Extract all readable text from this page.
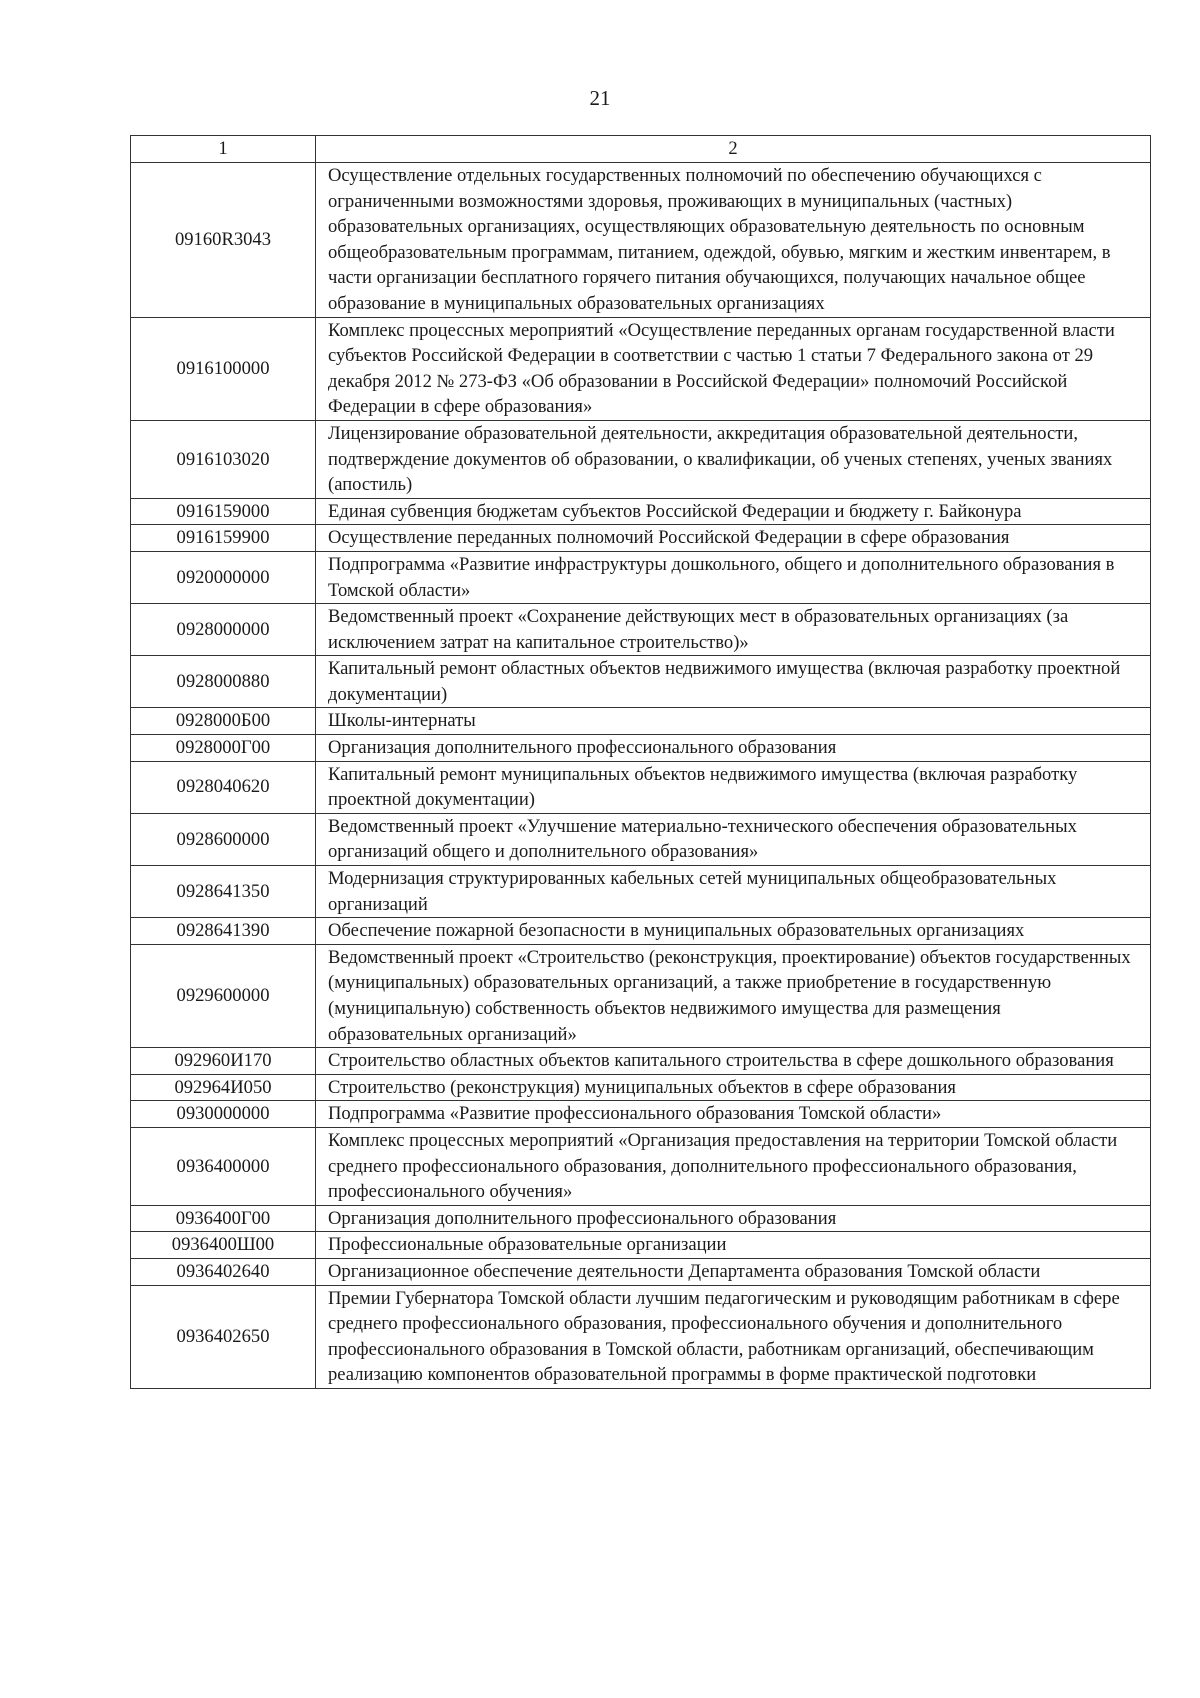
21
1	2
09160R3043	Осуществление отдельных государственных полномочий по обеспечению обучающихся с ограниченными возможностями здоровья, проживающих в муниципальных (частных) образовательных организациях, осуществляющих образовательную деятельность по основным общеобразовательным программам, питанием, одеждой, обувью, мягким и жестким инвентарем, в части организации бесплатного горячего питания обучающихся, получающих начальное общее образование в муниципальных образовательных организациях
0916100000	Комплекс процессных мероприятий «Осуществление переданных органам государственной власти субъектов Российской Федерации в соответствии с частью 1 статьи 7 Федерального закона от 29 декабря 2012 № 273-ФЗ «Об образовании в Российской Федерации» полномочий Российской Федерации в сфере образования»
0916103020	Лицензирование образовательной деятельности, аккредитация образовательной деятельности, подтверждение документов об образовании, о квалификации, об ученых степенях, ученых званиях (апостиль)
0916159000	Единая субвенция бюджетам субъектов Российской Федерации и бюджету г. Байконура
0916159900	Осуществление переданных полномочий Российской Федерации в сфере образования
0920000000	Подпрограмма «Развитие инфраструктуры дошкольного, общего и дополнительного образования в Томской области»
0928000000	Ведомственный проект «Сохранение действующих мест в образовательных организациях (за исключением затрат на капитальное строительство)»
0928000880	Капитальный ремонт областных объектов недвижимого имущества (включая разработку проектной документации)
0928000Б00	Школы-интернаты
0928000Г00	Организация дополнительного профессионального образования
0928040620	Капитальный ремонт муниципальных объектов недвижимого имущества (включая разработку проектной документации)
0928600000	Ведомственный проект «Улучшение материально-технического обеспечения образовательных организаций общего и дополнительного образования»
0928641350	Модернизация структурированных кабельных сетей муниципальных общеобразовательных организаций
0928641390	Обеспечение пожарной безопасности в муниципальных образовательных организациях
0929600000	Ведомственный проект «Строительство (реконструкция, проектирование) объектов государственных (муниципальных) образовательных организаций, а также приобретение в государственную (муниципальную) собственность объектов недвижимого имущества для размещения образовательных организаций»
092960И170	Строительство областных объектов капитального строительства в сфере дошкольного образования
092964И050	Строительство (реконструкция) муниципальных объектов в сфере образования
0930000000	Подпрограмма «Развитие профессионального образования Томской области»
0936400000	Комплекс процессных мероприятий «Организация предоставления на территории Томской области среднего профессионального образования, дополнительного профессионального образования, профессионального обучения»
0936400Г00	Организация дополнительного профессионального образования
0936400Ш00	Профессиональные образовательные организации
0936402640	Организационное обеспечение деятельности Департамента образования Томской области
0936402650	Премии Губернатора Томской области лучшим педагогическим и руководящим работникам в сфере среднего профессионального образования, профессионального обучения и дополнительного профессионального образования в Томской области, работникам организаций, обеспечивающим реализацию компонентов образовательной программы в форме практической подготовки
